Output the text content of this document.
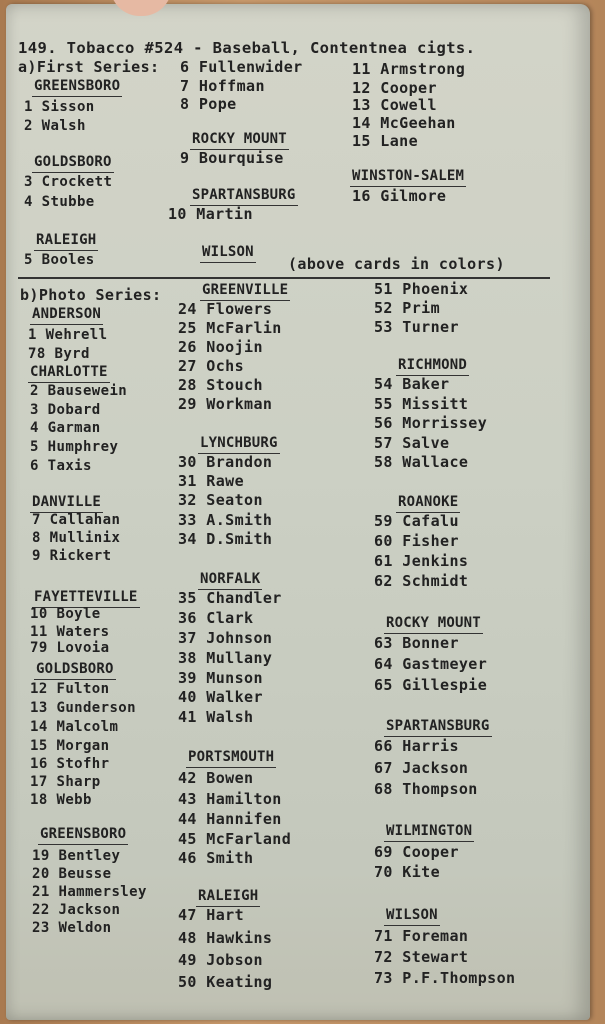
149. Tobacco #524 - Baseball, Contentnea cigts.
a)First Series:
GREENSBORO
1 Sisson
2 Walsh
GOLDSBORO
3 Crockett
4 Stubbe
RALEIGH
5 Booles
6 Fullenwider
7 Hoffman
8 Pope
ROCKY MOUNT
9 Bourquise
SPARTANSBURG
10 Martin
WILSON
11 Armstrong
12 Cooper
13 Cowell
14 McGeehan
15 Lane
WINSTON-SALEM
16 Gilmore
(above cards in colors)
b)Photo Series:
ANDERSON
1 Wehrell
78 Byrd
CHARLOTTE
2 Bausewein
3 Dobard
4 Garman
5 Humphrey
6 Taxis
DANVILLE
7 Callahan
8 Mullinix
9 Rickert
FAYETTEVILLE
10 Boyle
11 Waters
79 Lovoia
GOLDSBORO
12 Fulton
13 Gunderson
14 Malcolm
15 Morgan
16 Stofhr
17 Sharp
18 Webb
GREENSBORO
19 Bentley
20 Beusse
21 Hammersley
22 Jackson
23 Weldon
GREENVILLE
24 Flowers
25 McFarlin
26 Noojin
27 Ochs
28 Stouch
29 Workman
LYNCHBURG
30 Brandon
31 Rawe
32 Seaton
33 A.Smith
34 D.Smith
NORFALK
35 Chandler
36 Clark
37 Johnson
38 Mullany
39 Munson
40 Walker
41 Walsh
PORTSMOUTH
42 Bowen
43 Hamilton
44 Hannifen
45 McFarland
46 Smith
RALEIGH
47 Hart
48 Hawkins
49 Jobson
50 Keating
51 Phoenix
52 Prim
53 Turner
RICHMOND
54 Baker
55 Missitt
56 Morrissey
57 Salve
58 Wallace
ROANOKE
59 Cafalu
60 Fisher
61 Jenkins
62 Schmidt
ROCKY MOUNT
63 Bonner
64 Gastmeyer
65 Gillespie
SPARTANSBURG
66 Harris
67 Jackson
68 Thompson
WILMINGTON
69 Cooper
70 Kite
WILSON
71 Foreman
72 Stewart
73 P.F.Thompson
